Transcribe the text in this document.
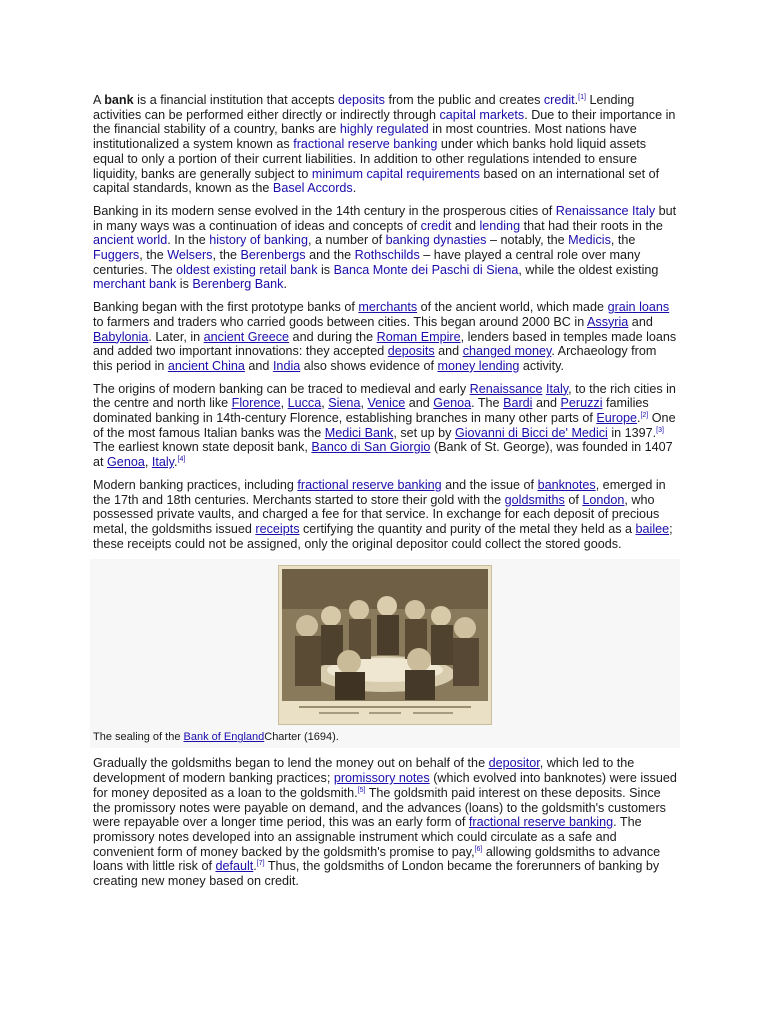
A bank is a financial institution that accepts deposits from the public and creates credit.[1] Lending activities can be performed either directly or indirectly through capital markets. Due to their importance in the financial stability of a country, banks are highly regulated in most countries. Most nations have institutionalized a system known as fractional reserve banking under which banks hold liquid assets equal to only a portion of their current liabilities. In addition to other regulations intended to ensure liquidity, banks are generally subject to minimum capital requirements based on an international set of capital standards, known as the Basel Accords.

Banking in its modern sense evolved in the 14th century in the prosperous cities of Renaissance Italy but in many ways was a continuation of ideas and concepts of credit and lending that had their roots in the ancient world. In the history of banking, a number of banking dynasties – notably, the Medicis, the Fuggers, the Welsers, the Berenbergs and the Rothschilds – have played a central role over many centuries. The oldest existing retail bank is Banca Monte dei Paschi di Siena, while the oldest existing merchant bank is Berenberg Bank.

Banking began with the first prototype banks of merchants of the ancient world, which made grain loans to farmers and traders who carried goods between cities. This began around 2000 BC in Assyria and Babylonia. Later, in ancient Greece and during the Roman Empire, lenders based in temples made loans and added two important innovations: they accepted deposits and changed money. Archaeology from this period in ancient China and India also shows evidence of money lending activity.

The origins of modern banking can be traced to medieval and early Renaissance Italy, to the rich cities in the centre and north like Florence, Lucca, Siena, Venice and Genoa. The Bardi and Peruzzi families dominated banking in 14th-century Florence, establishing branches in many other parts of Europe.[2] One of the most famous Italian banks was the Medici Bank, set up by Giovanni di Bicci de' Medici in 1397.[3] The earliest known state deposit bank, Banco di San Giorgio (Bank of St. George), was founded in 1407 at Genoa, Italy.[4]

Modern banking practices, including fractional reserve banking and the issue of banknotes, emerged in the 17th and 18th centuries. Merchants started to store their gold with the goldsmiths of London, who possessed private vaults, and charged a fee for that service. In exchange for each deposit of precious metal, the goldsmiths issued receipts certifying the quantity and purity of the metal they held as a bailee; these receipts could not be assigned, only the original depositor could collect the stored goods.

The sealing of the Bank of EnglandCharter (1694).

Gradually the goldsmiths began to lend the money out on behalf of the depositor, which led to the development of modern banking practices; promissory notes (which evolved into banknotes) were issued for money deposited as a loan to the goldsmith.[5] The goldsmith paid interest on these deposits. Since the promissory notes were payable on demand, and the advances (loans) to the goldsmith's customers were repayable over a longer time period, this was an early form of fractional reserve banking. The promissory notes developed into an assignable instrument which could circulate as a safe and convenient form of money backed by the goldsmith's promise to pay,[6] allowing goldsmiths to advance loans with little risk of default.[7] Thus, the goldsmiths of London became the forerunners of banking by creating new money based on credit.
